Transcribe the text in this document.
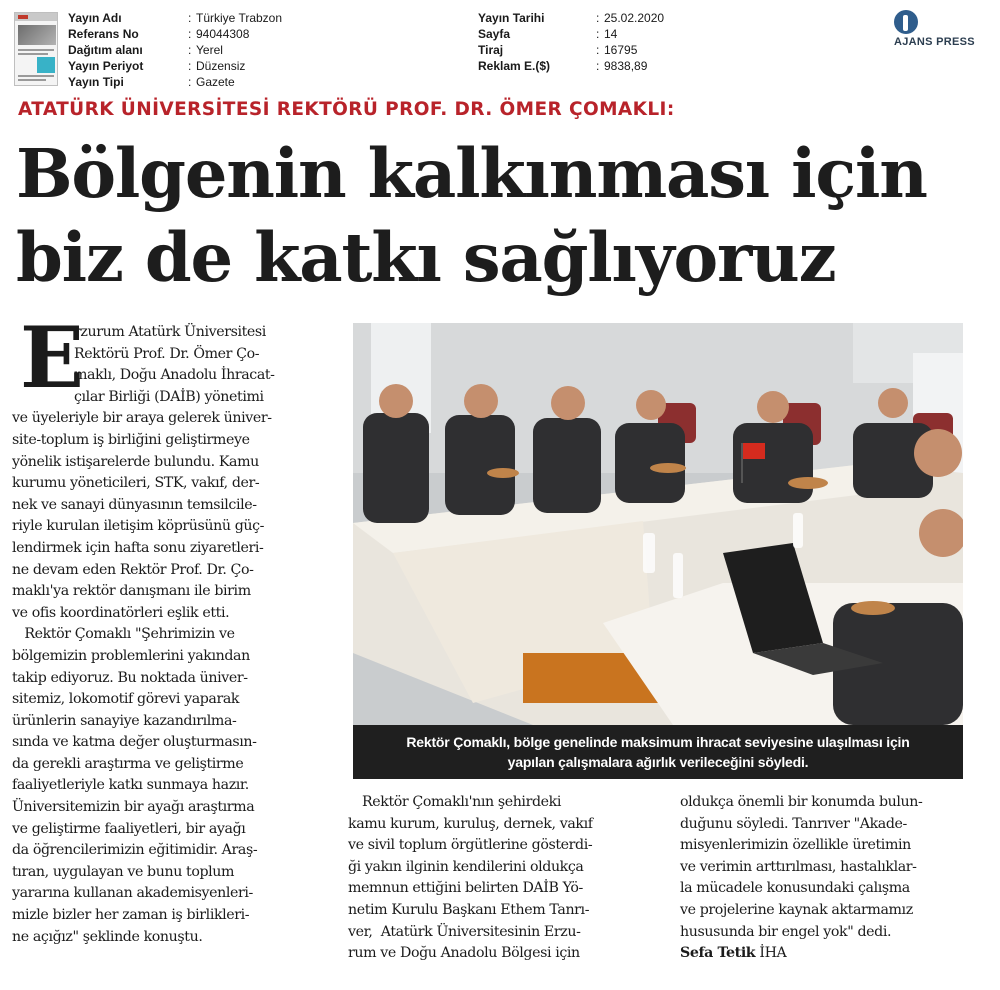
Yayın Adı	: Türkiye Trabzon
Referans No	: 94044308
Dağıtım alanı	: Yerel
Yayın Periyot	: Düzensiz
Yayın Tipi	: Gazete
Yayın Tarihi	: 25.02.2020
Sayfa	: 14
Tiraj	: 16795
Reklam E.($)	: 9838,89
AJANS PRESS
ATATÜRK ÜNİVERSİTESİ REKTÖRÜ PROF. DR. ÖMER ÇOMAKLI:
Bölgenin kalkınması için
biz de katkı sağlıyoruz
E

rzurum Atatürk Üniversitesi

Rektörü Prof. Dr. Ömer Ço-

maklı, Doğu Anadolu İhracat-

çılar Birliği (DAİB) yönetimi

ve üyeleriyle bir araya gelerek üniver-

site-toplum iş birliğini geliştirmeye

yönelik istişarelerde bulundu. Kamu

kurumu yöneticileri, STK, vakıf, der-

nek ve sanayi dünyasının temsilcile-

riyle kurulan iletişim köprüsünü güç-

lendirmek için hafta sonu ziyaretleri-

ne devam eden Rektör Prof. Dr. Ço-

maklı'ya rektör danışmanı ile birim

ve ofis koordinatörleri eşlik etti.

Rektör Çomaklı "Şehrimizin ve

bölgemizin problemlerini yakından

takip ediyoruz. Bu noktada üniver-

sitemiz, lokomotif görevi yaparak

ürünlerin sanayiye kazandırılma-

sında ve katma değer oluşturmasın-

da gerekli araştırma ve geliştirme

faaliyetleriyle katkı sunmaya hazır.

Üniversitemizin bir ayağı araştırma

ve geliştirme faaliyetleri, bir ayağı

da öğrencilerimizin eğitimidir. Araş-

tıran, uygulayan ve bunu toplum

yararına kullanan akademisyenleri-

mizle bizler her zaman iş birlikleri-

ne açığız" şeklinde konuştu.

Rektör Çomaklı, bölge genelinde maksimum ihracat seviyesine ulaşılması için

yapılan çalışmalara ağırlık verileceğini söyledi.

Rektör Çomaklı'nın şehirdeki

kamu kurum, kuruluş, dernek, vakıf

ve sivil toplum örgütlerine gösterdi-

ği yakın ilginin kendilerini oldukça

memnun ettiğini belirten DAİB Yö-

netim Kurulu Başkanı Ethem Tanrı-

ver,  Atatürk Üniversitesinin Erzu-

rum ve Doğu Anadolu Bölgesi için

oldukça önemli bir konumda bulun-

duğunu söyledi. Tanrıver "Akade-

misyenlerimizin özellikle üretimin

ve verimin arttırılması, hastalıklar-

la mücadele konusundaki çalışma

ve projelerine kaynak aktarmamız

hususunda bir engel yok" dedi.

Sefa Tetik İHA
